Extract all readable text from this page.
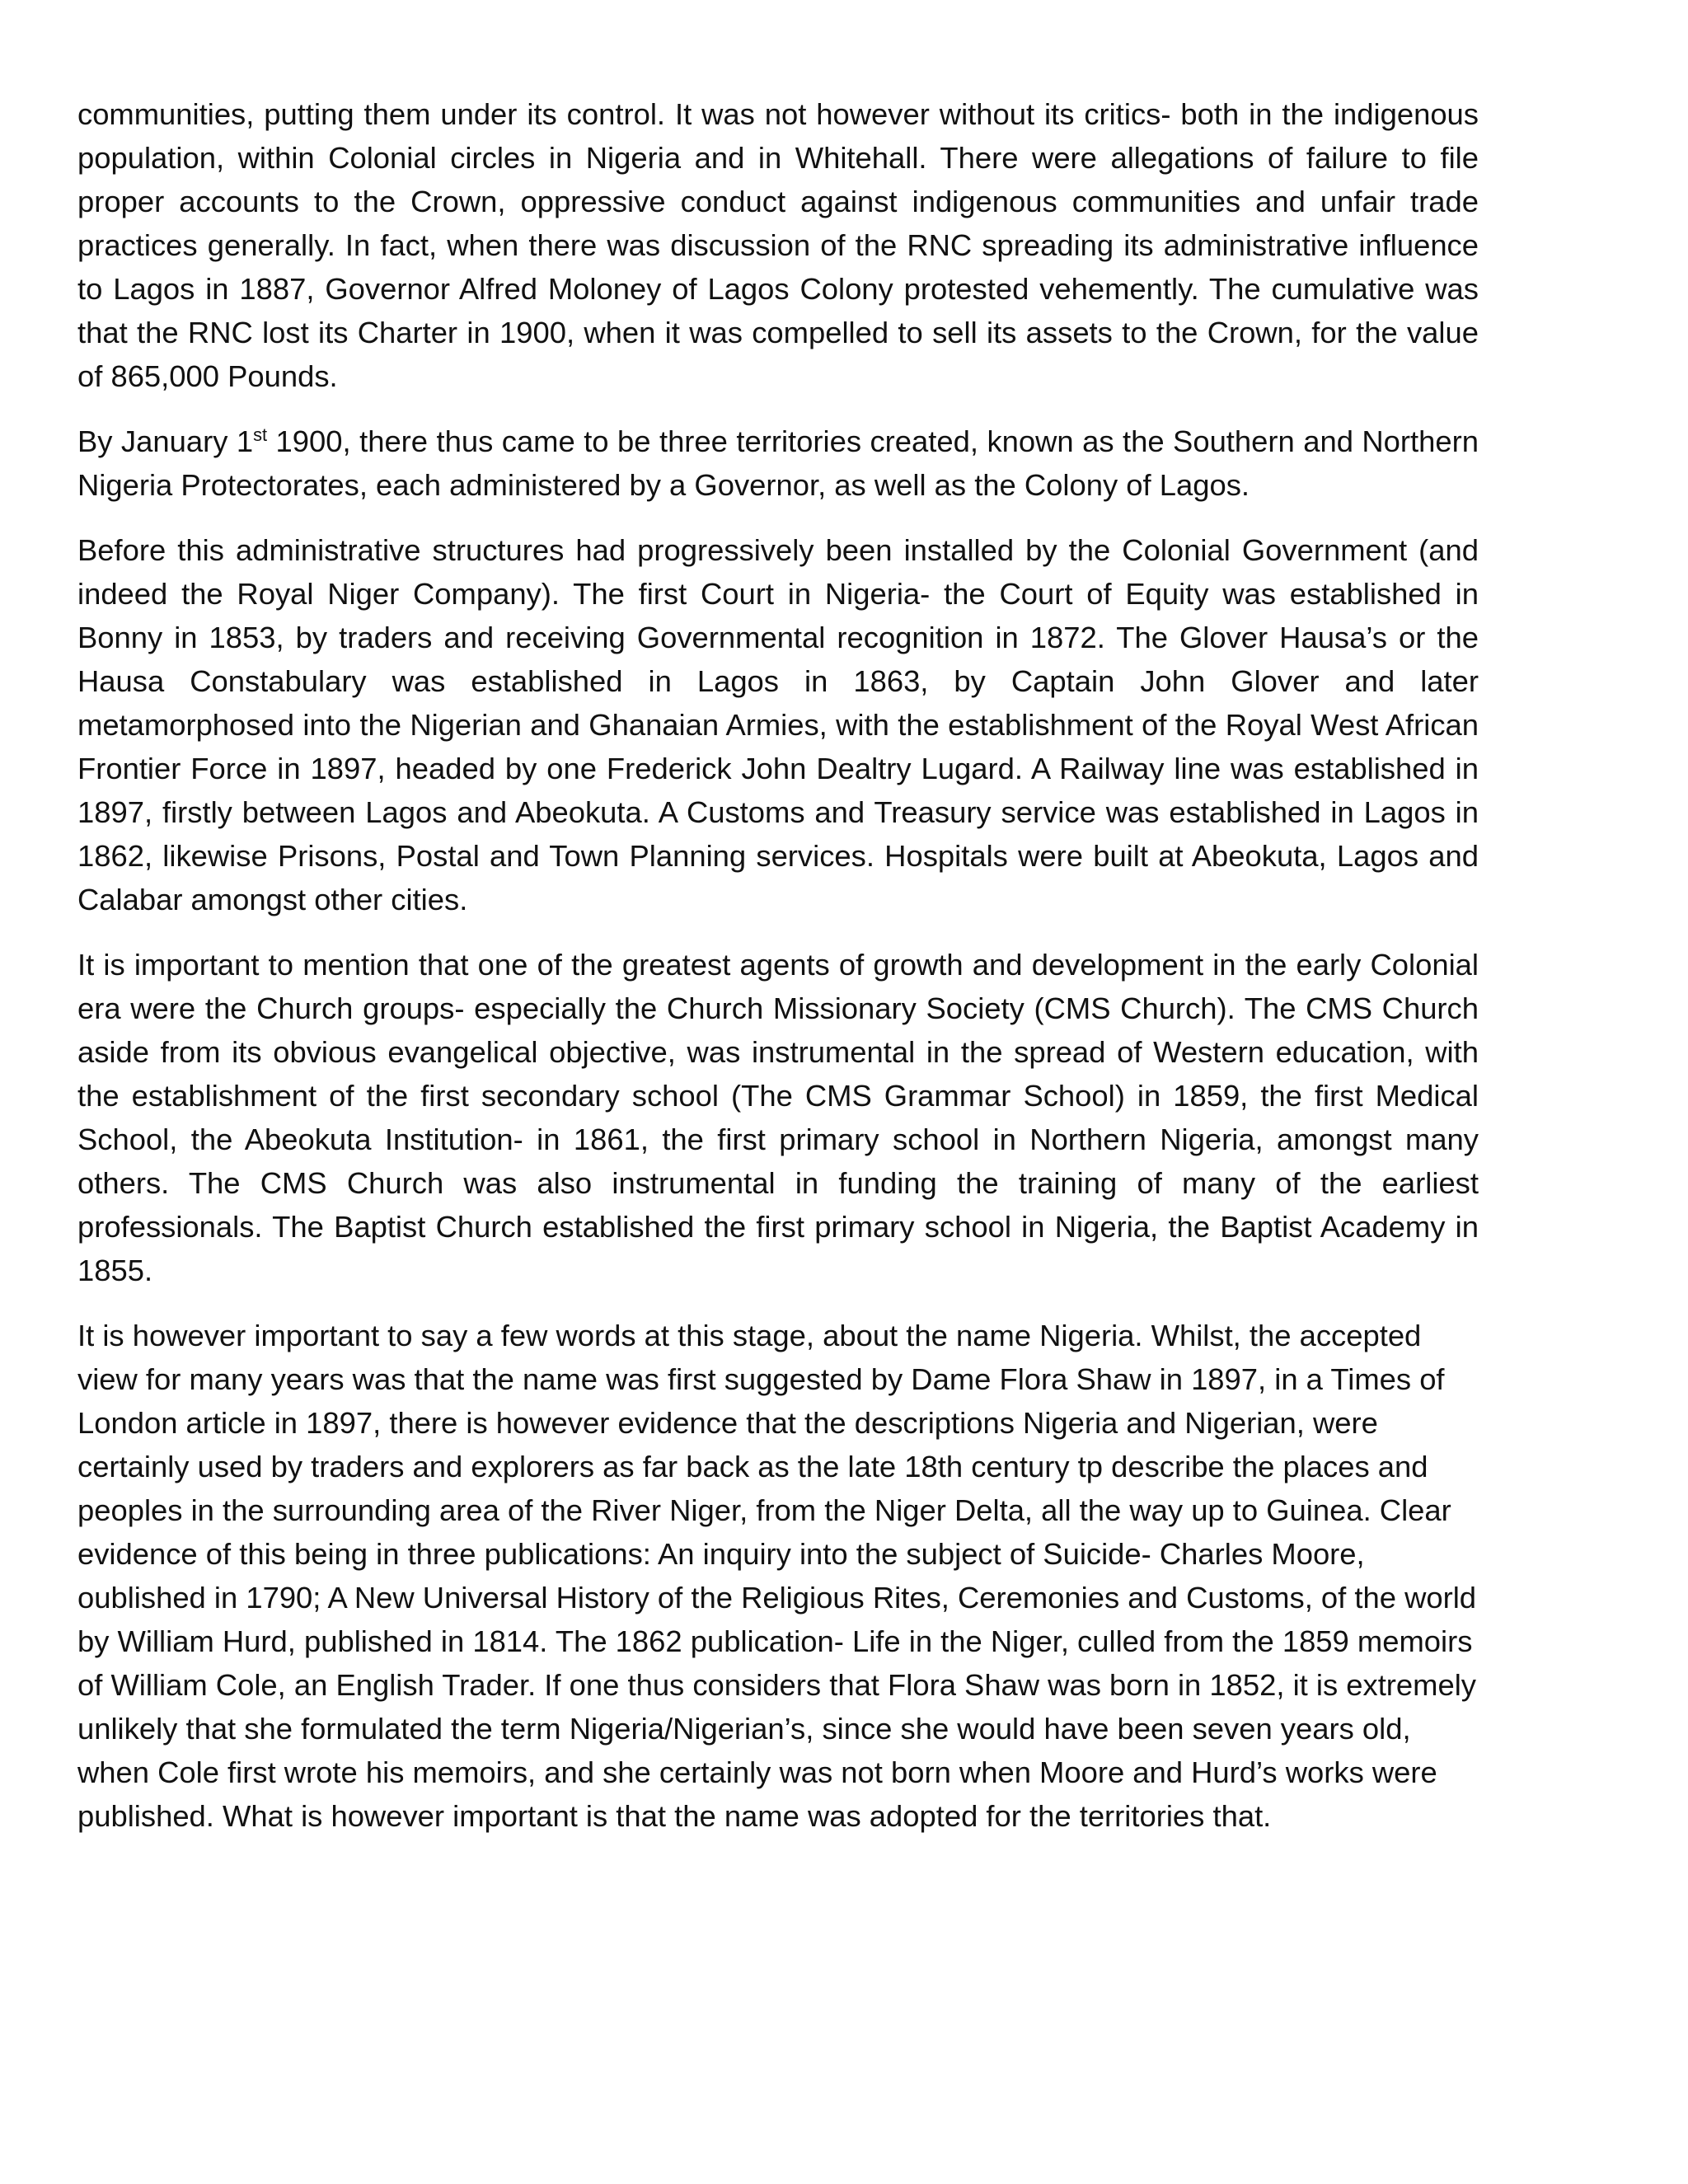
communities, putting them under its control. It was not however without its critics- both in the indigenous population, within Colonial circles in Nigeria and in Whitehall. There were allegations of failure to file proper accounts to the Crown, oppressive conduct against indigenous communities and unfair trade practices generally. In fact, when there was discussion of the RNC spreading its administrative influence to Lagos in 1887, Governor Alfred Moloney of Lagos Colony protested vehemently. The cumulative was that the RNC lost its Charter in 1900, when it was compelled to sell its assets to the Crown, for the value of 865,000 Pounds.

By January 1st 1900, there thus came to be three territories created, known as the Southern and Northern Nigeria Protectorates, each administered by a Governor, as well as the Colony of Lagos.

Before this administrative structures had progressively been installed by the Colonial Government (and indeed the Royal Niger Company). The first Court in Nigeria- the Court of Equity was established in Bonny in 1853, by traders and receiving Governmental recognition in 1872. The Glover Hausa’s or the Hausa Constabulary was established in Lagos in 1863, by Captain John Glover and later metamorphosed into the Nigerian and Ghanaian Armies, with the establishment of the Royal West African Frontier Force in 1897, headed by one Frederick John Dealtry Lugard. A Railway line was established in 1897, firstly between Lagos and Abeokuta. A Customs and Treasury service was established in Lagos in 1862, likewise Prisons, Postal and Town Planning services. Hospitals were built at Abeokuta, Lagos and Calabar amongst other cities.

It is important to mention that one of the greatest agents of growth and development in the early Colonial era were the Church groups- especially the Church Missionary Society (CMS Church). The CMS Church aside from its obvious evangelical objective, was instrumental in the spread of Western education, with the establishment of the first secondary school (The CMS Grammar School) in 1859, the first Medical School, the Abeokuta Institution- in 1861, the first primary school in Northern Nigeria, amongst many others. The CMS Church was also instrumental in funding the training of many of the earliest professionals. The Baptist Church established the first primary school in Nigeria, the Baptist Academy in 1855.

It is however important to say a few words at this stage, about the name Nigeria. Whilst, the accepted view for many years was that the name was first suggested by Dame Flora Shaw in 1897, in a Times of London article in 1897, there is however evidence that the descriptions Nigeria and Nigerian, were certainly used by traders and explorers as far back as the late 18th century tp describe the places and peoples in the surrounding area of the River Niger, from the Niger Delta, all the way up to Guinea. Clear evidence of this being in three publications: An inquiry into the subject of Suicide- Charles Moore, oublished in 1790; A New Universal History of the Religious Rites, Ceremonies and Customs, of the world by William Hurd, published in 1814. The 1862 publication- Life in the Niger, culled from the 1859 memoirs of William Cole, an English Trader. If one thus considers that Flora Shaw was born in 1852, it is extremely unlikely that she formulated the term Nigeria/Nigerian’s, since she would have been seven years old, when Cole first wrote his memoirs, and she certainly was not born when Moore and Hurd’s works were published. What is however important is that the name was adopted for the territories that.
